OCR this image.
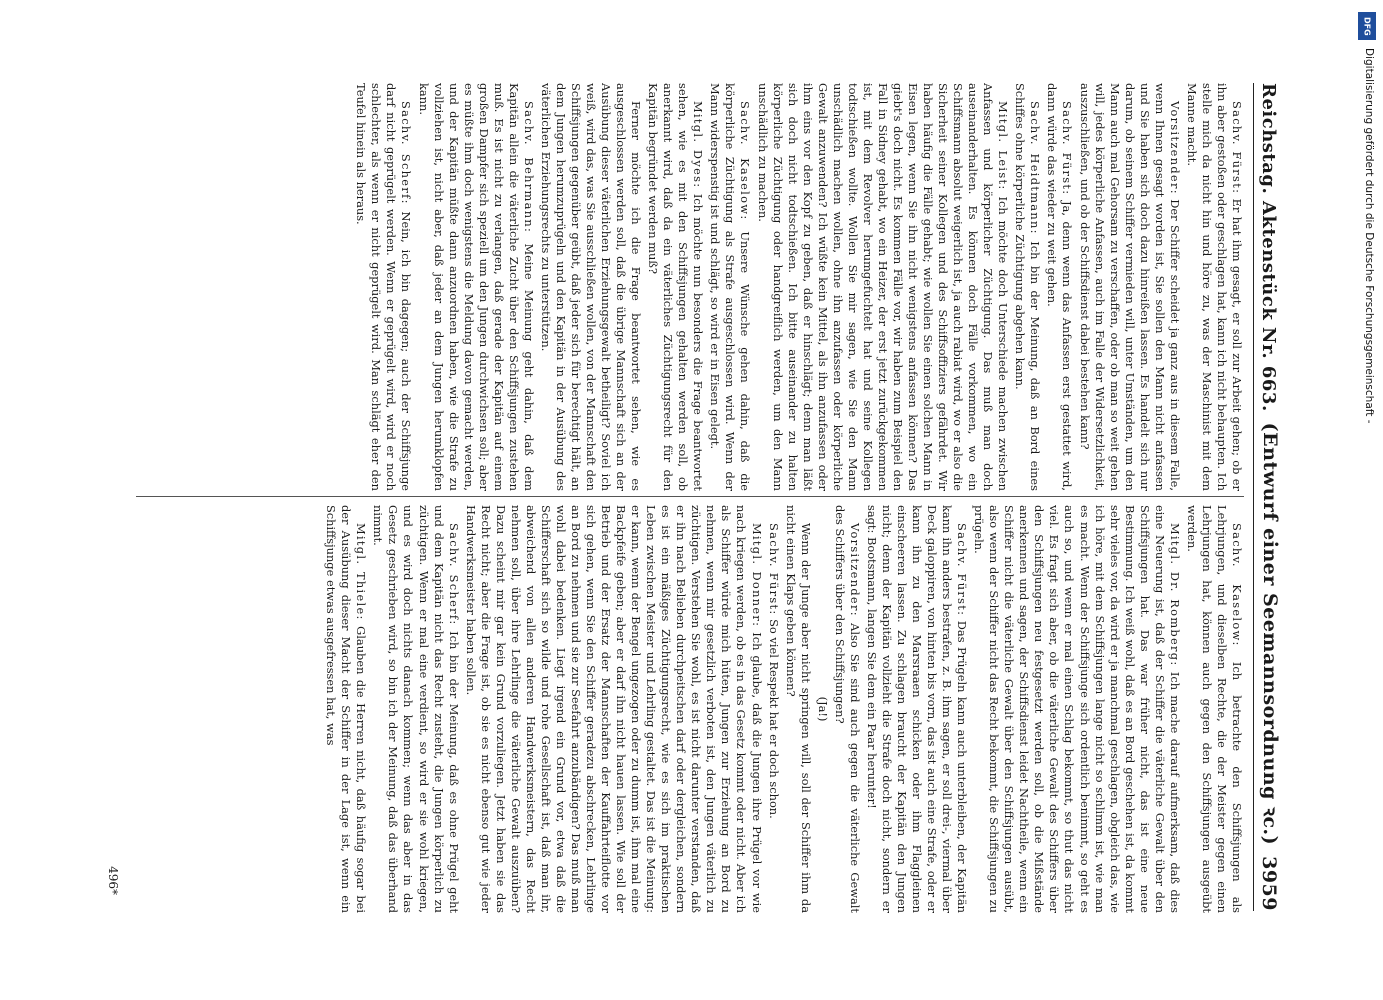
Reichstag. Aktenstück Nr. 663.
(Entwurf einer Seemannsordnung ꝛc.)
3959

Sachv. Fürst: Er hat ihm gesagt, er soll zur Arbeit gehen; ob er ihn aber gestoßen oder geschlagen hat, kann ich nicht behaupten. Ich stelle mich da nicht hin und höre zu, was der Maschinist mit dem Manne macht.

Vorsitzender: Der Schiffer scheidet ja ganz aus in diesem Falle, wenn Ihnen gesagt worden ist, Sie sollen den Mann nicht anfassen und Sie haben sich doch dazu hinreißen lassen. Es handelt sich nur darum, ob seinem Schiffer vermieden will, unter Umständen, um den Mann auch mal Gehorsam zu verschaffen, oder ob man so weit gehen will, jedes körperliche Anfassen, auch im Falle der Widersetzlichkeit, auszuschließen, und ob der Schiffsdienst dabei bestehen kann?

Sachv. Fürst: Ja, denn wenn das Anfassen erst gestattet wird, dann würde das wieder zu weit gehen.

Sachv. Heidtmann: Ich bin der Meinung, daß an Bord eines Schiffes ohne körperliche Züchtigung abgehen kann.

Mitgl. Leist: Ich möchte doch Unterschiede machen zwischen Anfassen und körperlicher Züchtigung. Das muß man doch auseinanderhalten. Es können doch Fälle vorkommen, wo ein Schiffsmann absolut weigerlich ist, ja auch rabiat wird, wo er also die Sicherheit seiner Kollegen und des Schiffsoffiziers gefährdet. Wir haben häufig die Fälle gehabt; wie wollen Sie einen solchen Mann in Eisen legen, wenn Sie ihn nicht wenigstens anfassen können? Das giebt's doch nicht. Es kommen Fälle vor, wir haben zum Beispiel den Fall in Sidney gehabt, wo ein Heizer, der erst jetzt zurückgekommen ist, mit dem Revolver herumgefuchtelt hat und seine Kollegen todtschießen wollte. Wollen Sie mir sagen, wie Sie den Mann unschädlich machen wollen, ohne ihn anzufassen oder körperliche Gewalt anzuwenden? Ich wüßte kein Mittel, als ihn anzufassen oder ihm eins vor den Kopf zu geben, daß er hinschlägt; denn man läßt sich doch nicht todtschießen. Ich bitte auseinander zu halten körperliche Züchtigung oder handgreiflich werden, um den Mann unschädlich zu machen.

Sachv. Kaselow: Unsere Wünsche gehen dahin, daß die körperliche Züchtigung als Strafe ausgeschlossen wird. Wenn der Mann widerspenstig ist und schlägt, so wird er in Eisen gelegt.

Mitgl. Dyes: Ich möchte nun besonders die Frage beantwortet sehen, wie es mit den Schiffsjungen gehalten werden soll, ob anerkannt wird, daß da ein väterliches Züchtigungsrecht für den Kapitän begründet werden muß?

Ferner möchte ich die Frage beantwortet sehen, wie es ausgeschlossen werden soll, daß die übrige Mannschaft sich an der Ausübung dieser väterlichen Erziehungsgewalt betheiligt? Soviel ich weiß, wird das, was Sie ausschließen wollen, von der Mannschaft den Schiffsjungen gegenüber geübt, daß jeder sich für berechtigt hält, an dem Jungen herumzuprügeln und den Kapitän in der Ausübung des väterlichen Erziehungsrechts zu unterstützen.

Sachv. Behrmann: Meine Meinung geht dahin, daß dem Kapitän allein die väterliche Zucht über den Schiffsjungen zustehen muß. Es ist nicht zu verlangen, daß gerade der Kapitän auf einem großen Dampfer sich speziell um den Jungen durchwichsen soll; aber es müßte ihm doch wenigstens die Meldung davon gemacht werden, und der Kapitän müßte dann anzuordnen haben, wie die Strafe zu vollziehen ist, nicht aber, daß jeder an dem Jungen herumklopfen kann.

Sachv. Scherf: Nein, ich bin dagegen; auch der Schiffsjunge darf nicht geprügelt werden. Wenn er geprügelt wird, wird er noch schlechter, als wenn er nicht geprügelt wird. Man schlägt eher den Teufel hinein als heraus.

Sachv. Kaselow: Ich betrachte den Schiffsjungen als Lehrjungen, und dieselben Rechte, die der Meister gegen einen Lehrjungen hat, können auch gegen den Schiffsjungen ausgeübt werden.

Mitgl. Dr. Romberg: Ich mache darauf aufmerksam, daß dies eine Neuerung ist, daß der Schiffer die väterliche Gewalt über den Schiffsjungen hat. Das war früher nicht, das ist eine neue Bestimmung. Ich weiß wohl, daß es an Bord geschehen ist, da kommt sehr vieles vor, da wird er ja manchmal geschlagen, obgleich das, wie ich höre, mit dem Schiffsjungen lange nicht so schlimm ist, wie man es macht. Wenn der Schiffsjunge sich ordentlich benimmt, so geht es auch so, und wenn er mal einen Schlag bekommt, so thut das nicht viel. Es fragt sich aber, ob die väterliche Gewalt des Schiffers über den Schiffsjungen neu festgesetzt werden soll, ob die Mißstände anerkennen und sagen, der Schiffsdienst leidet Nachtheile, wenn ein Schiffer nicht die väterliche Gewalt über den Schiffsjungen ausübt, also wenn der Schiffer nicht das Recht bekommt, die Schiffsjungen zu prügeln.

Sachv. Fürst: Das Prügeln kann auch unterbleiben, der Kapitän kann ihn anders bestrafen, z. B. ihm sagen, er soll drei-, viermal über Deck galoppiren, von hinten bis vorn, das ist auch eine Strafe, oder er kann ihn zu den Marsraaen schicken oder ihm Flaggleinen einscheeren lassen. Zu schlagen braucht der Kapitän den Jungen nicht; denn der Kapitän vollzieht die Strafe doch nicht, sondern er sagt: Bootsmann, langen Sie dem ein Paar herunter!

Vorsitzender: Also Sie sind auch gegen die väterliche Gewalt des Schiffers über den Schiffsjungen?

(Ja!)

Wenn der Junge aber nicht springen will, soll der Schiffer ihm da nicht einen Klaps geben können?

Sachv. Fürst: So viel Respekt hat er doch schon.

Mitgl. Donner: Ich glaube, daß die Jungen ihre Prügel vor wie nach kriegen werden, ob es in das Gesetz kommt oder nicht. Aber ich als Schiffer würde mich hüten, Jungen zur Erziehung an Bord zu nehmen, wenn mir gesetzlich verboten ist, den Jungen väterlich zu züchtigen. Verstehen Sie wohl, es ist nicht darunter verstanden, daß er ihn nach Belieben durchpeitschen darf oder dergleichen, sondern es ist ein mäßiges Züchtigungsrecht, wie es sich im praktischen Leben zwischen Meister und Lehrling gestaltet. Das ist die Meinung: er kann, wenn der Bengel ungezogen oder zu dumm ist, ihm mal eine Backpfeife geben; aber er darf ihn nicht hauen lassen. Wie soll der Betrieb und der Ersatz der Mannschaften der Kauffahrteiflotte vor sich gehen, wenn Sie den Schiffer geradezu abschrecken, Lehrlinge an Bord zu nehmen und sie zur Seefahrt anzubändigen? Das muß man wohl dabei bedenken. Liegt irgend ein Grund vor, etwa daß die Schifferschaft sich so wilde und rohe Gesellschaft ist, daß man ihr, abweichend von allen anderen Handwerksmeistern, das Recht nehmen soll, über ihre Lehrlinge die väterliche Gewalt auszuüben? Dazu scheint mir gar kein Grund vorzuliegen. Jetzt haben sie das Recht nicht; aber die Frage ist, ob sie es nicht ebenso gut wie jeder Handwerksmeister haben sollen.

Sachv. Scherf: Ich bin der Meinung, daß es ohne Prügel geht und dem Kapitän nicht das Recht zusteht, die Jungen körperlich zu züchtigen. Wenn er mal eine verdient, so wird er sie wohl kriegen, und es wird doch nichts danach kommen; wenn das aber in das Gesetz geschrieben wird, so bin ich der Meinung, daß das überhand nimmt.

Mitgl. Thiele: Glauben die Herren nicht, daß häufig sogar bei der Ausübung dieser Macht der Schiffer in der Lage ist, wenn ein Schiffsjunge etwas ausgefressen hat, was

496*
DFG
Digitalisierung gefördert durch die Deutsche Forschungsgemeinschaft -
